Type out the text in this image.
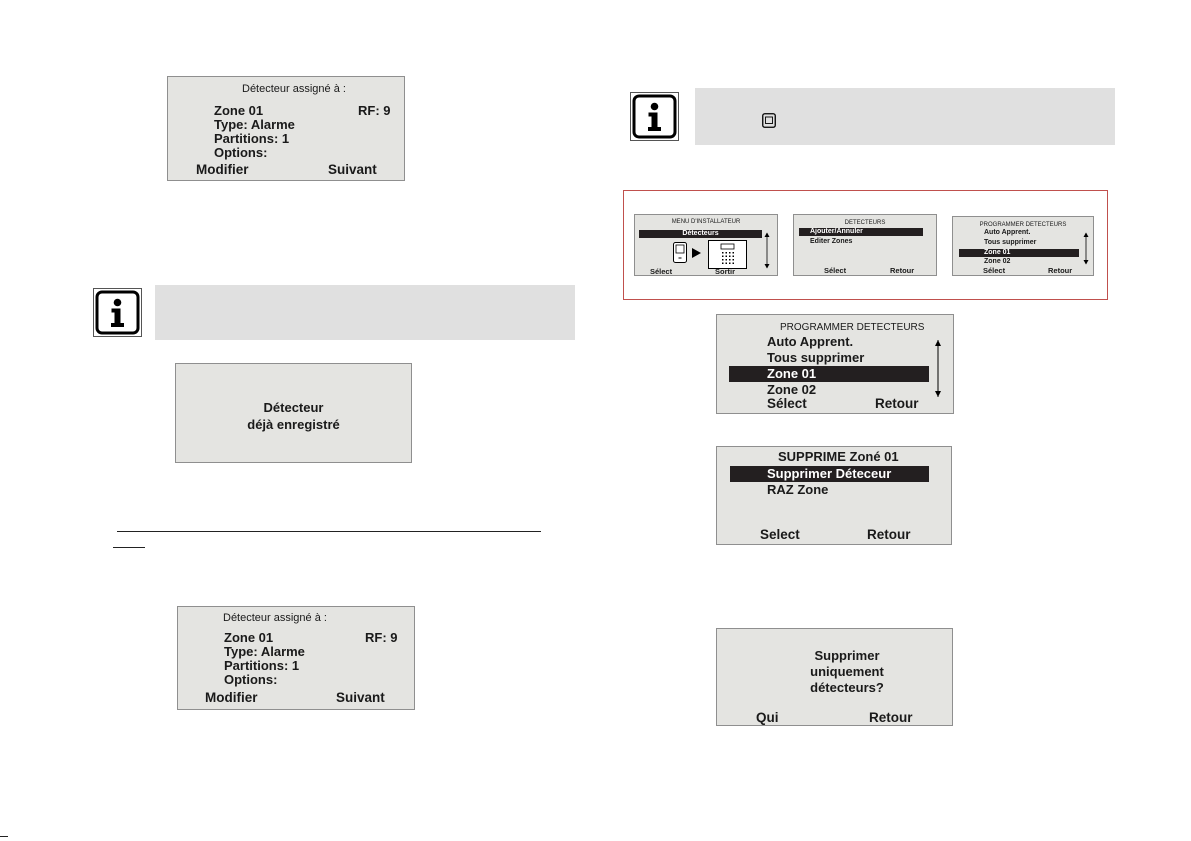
Détecteur assigné à :
Zone 01	RF: 9
Type: Alarme
Partitions: 1
Options:
Modifier	Suivant
Détecteur
déjà enregistré
Détecteur assigné à :
Zone 01	RF: 9
Type: Alarme
Partitions: 1
Options:
Modifier	Suivant
MENU D'INSTALLATEUR
Détecteurs
Sélect	Sortir
DETECTEURS
Ajouter/Annuler
Editer Zones
Sélect	Retour
PROGRAMMER DETECTEURS
Auto Apprent.
Tous supprimer
Zone 01
Zone 02
Sélect	Retour
PROGRAMMER DETECTEURS
Auto Apprent.
Tous supprimer
Zone 01
Zone 02
Sélect	Retour
SUPPRIME Zoné 01
Supprimer Déteceur
RAZ Zone
Select	Retour
Supprimer
uniquement
détecteurs?
Qui	Retour
